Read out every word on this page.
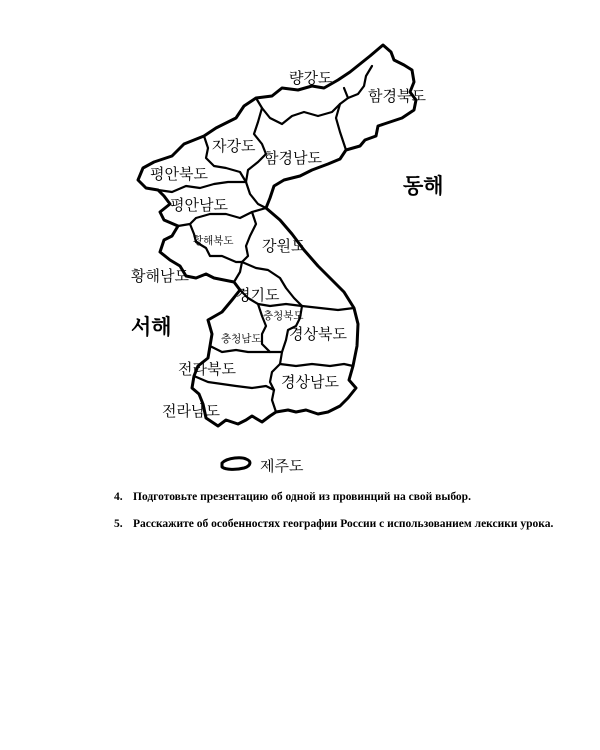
동해
서해
량강도
함경북도
자강도
함경남도
평안북도
평안남도
황해북도 강원도
황해남도
경기도
충청북도
충청남도 경상북도
전라북도
경상남도
전라남도
제주도
4. Подготовьте презентацию об одной из провинций на свой выбор.
5. Расскажите об особенностях географии России с использованием лексики урока.
